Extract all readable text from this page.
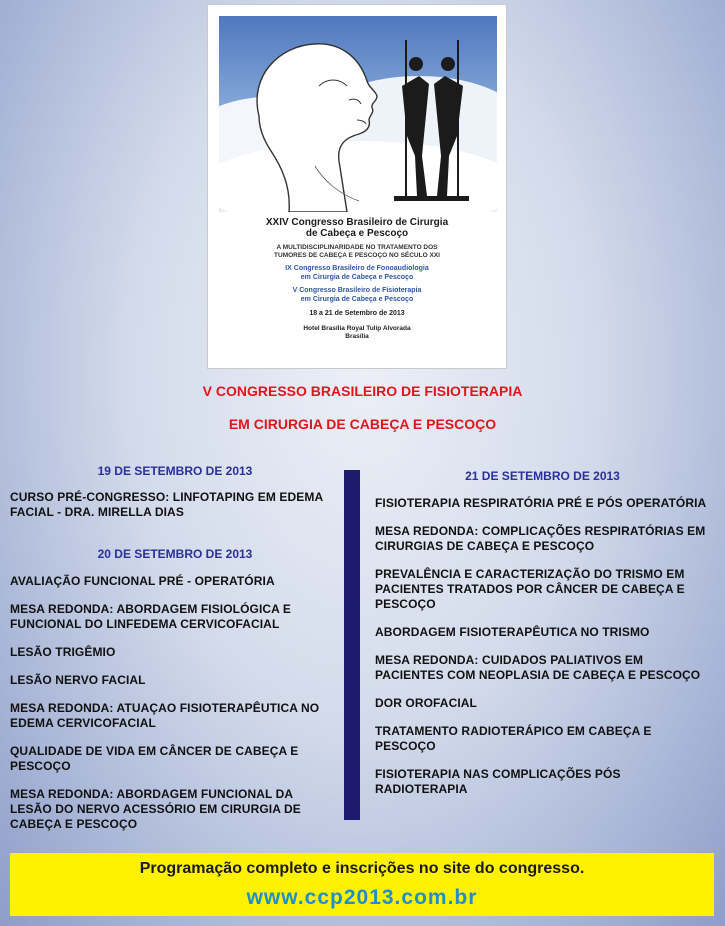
XXIV Congresso Brasileiro de Cirurgia
de Cabeça e Pescoço
A MULTIDISCIPLINARIDADE NO TRATAMENTO DOS
TUMORES DE CABEÇA E PESCOÇO NO SÉCULO XXI
IX Congresso Brasileiro de Fonoaudiologia
em Cirurgia de Cabeça e Pescoço
V Congresso Brasileiro de Fisioterapia
em Cirurgia de Cabeça e Pescoço
18 a 21 de Setembro de 2013
Hotel Brasília Royal Tulip Alvorada
Brasília
V CONGRESSO BRASILEIRO DE FISIOTERAPIA
EM CIRURGIA DE CABEÇA E PESCOÇO
19 DE SETEMBRO DE 2013
CURSO PRÉ-CONGRESSO: LINFOTAPING EM EDEMA
FACIAL - DRA. MIRELLA DIAS
20 DE SETEMBRO DE 2013
AVALIAÇÃO FUNCIONAL PRÉ - OPERATÓRIA
MESA REDONDA: ABORDAGEM FISIOLÓGICA E
FUNCIONAL DO LINFEDEMA CERVICOFACIAL
LESÃO TRIGÊMIO
LESÃO NERVO FACIAL
MESA REDONDA: ATUAÇAO FISIOTERAPÊUTICA NO
EDEMA CERVICOFACIAL
QUALIDADE DE VIDA EM CÂNCER DE CABEÇA E
PESCOÇO
MESA REDONDA: ABORDAGEM FUNCIONAL DA
LESÃO DO NERVO ACESSÓRIO EM CIRURGIA DE
CABEÇA E PESCOÇO
21 DE SETEMBRO DE 2013
FISIOTERAPIA RESPIRATÓRIA PRÉ E PÓS OPERATÓRIA
MESA REDONDA: COMPLICAÇÕES RESPIRATÓRIAS EM
CIRURGIAS DE CABEÇA E PESCOÇO
PREVALÊNCIA E CARACTERIZAÇÃO DO TRISMO EM
PACIENTES TRATADOS POR CÂNCER DE CABEÇA E
PESCOÇO
ABORDAGEM FISIOTERAPÊUTICA NO TRISMO
MESA REDONDA: CUIDADOS PALIATIVOS EM
PACIENTES COM NEOPLASIA DE CABEÇA E PESCOÇO
DOR OROFACIAL
TRATAMENTO RADIOTERÁPICO EM CABEÇA E
PESCOÇO
FISIOTERAPIA NAS COMPLICAÇÕES PÓS
RADIOTERAPIA
Programação completo e inscrições no site do congresso.
www.ccp2013.com.br
